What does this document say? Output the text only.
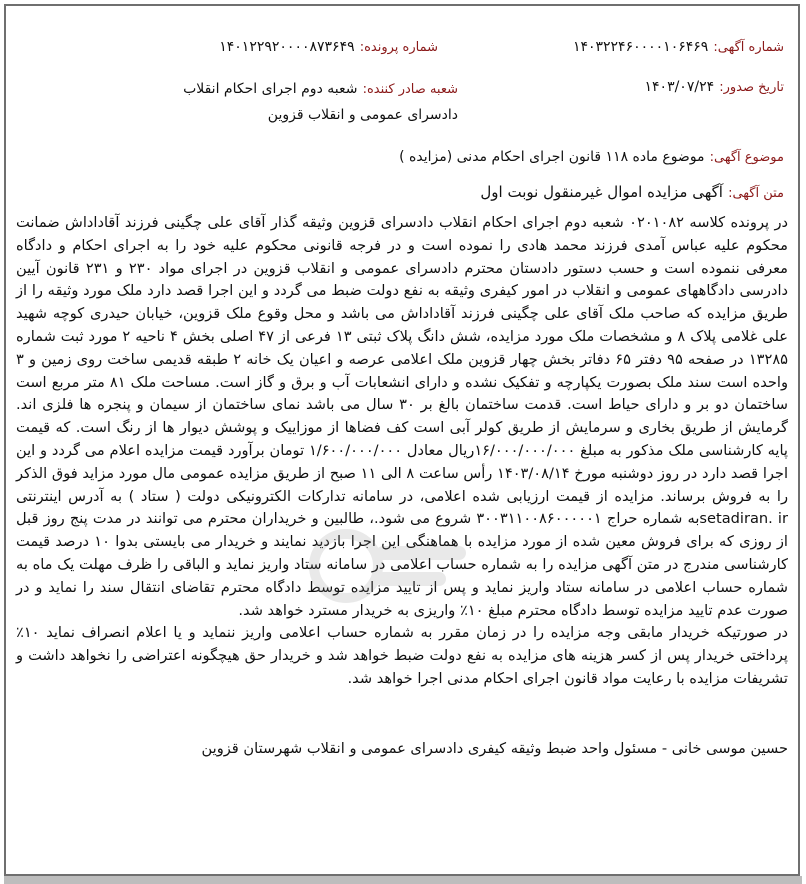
شماره آگهی: ۱۴۰۳۲۲۴۶۰۰۰۰۱۰۶۴۶۹
شماره پرونده: ۱۴۰۱۲۲۹۲۰۰۰۰۸۷۳۶۴۹
تاریخ صدور: ۱۴۰۳/۰۷/۲۴
شعبه صادر کننده: شعبه دوم اجرای احکام انقلاب دادسرای عمومی و انقلاب قزوین
موضوع آگهی: موضوع ماده ۱۱۸ قانون اجرای احکام مدنی (مزایده )
متن آگهی: آگهی مزایده اموال غیرمنقول نوبت اول

در پرونده کلاسه ۰۲۰۱۰۸۲ شعبه دوم اجرای احکام انقلاب دادسرای قزوین وثیقه گذار آقای علی چگینی فرزند آقاداداش ضمانت محکوم علیه عباس آمدی فرزند محمد هادی را نموده است و در فرجه قانونی محکوم علیه خود را به اجرای احکام و دادگاه معرفی ننموده است و حسب دستور دادستان محترم دادسرای عمومی و انقلاب قزوین در اجرای مواد ۲۳۰ و ۲۳۱ قانون آیین دادرسی دادگاههای عمومی و انقلاب در امور کیفری وثیقه به نفع دولت ضبط می گردد و این اجرا قصد دارد ملک مورد وثیقه را از طریق مزایده که صاحب ملک آقای علی چگینی فرزند آقاداداش می باشد و محل وقوع ملک قزوین، خیابان حیدری کوچه شهید علی غلامی پلاک ۸ و مشخصات ملک مورد مزایده، شش دانگ پلاک ثبتی ۱۳ فرعی از ۴۷ اصلی بخش ۴ ناحیه ۲ مورد ثبت شماره ۱۳۲۸۵ در صفحه ۹۵ دفتر ۶۵ دفاتر بخش چهار قزوین ملک اعلامی عرصه و اعیان یک خانه ۲ طبقه قدیمی ساخت روی زمین و ۳ واحده است سند ملک بصورت یکپارچه و تفکیک نشده و دارای انشعابات آب و برق و گاز است. مساحت ملک ۸۱ متر مربع است ساختمان دو بر و دارای حیاط است. قدمت ساختمان بالغ بر ۳۰ سال می باشد نمای ساختمان از سیمان و پنجره ها فلزی اند. گرمایش از طریق بخاری و سرمایش از طریق کولر آبی است کف فضاها از موزاییک و پوشش دیوار ها از رنگ است. که قیمت پایه کارشناسی ملک مذکور به مبلغ ۱۶/۰۰۰/۰۰۰/۰۰۰ریال معادل ۱/۶۰۰/۰۰۰/۰۰۰ تومان برآورد قیمت مزایده اعلام می گردد و این اجرا قصد دارد در روز دوشنبه مورخ ۱۴۰۳/۰۸/۱۴ رأس ساعت ۸ الی ۱۱ صبح از طریق مزایده عمومی مال مورد مزاید فوق الذکر را به فروش برساند. مزایده از قیمت ارزیابی شده اعلامی، در سامانه تدارکات الکترونیکی دولت ( ستاد ) به آدرس اینترنتی setadiran. irبه شماره حراج ۳۰۰۳۱۱۰۰۸۶۰۰۰۰۰۱ شروع می شود.، طالبین و خریداران محترم می توانند در مدت پنج روز قبل از روزی که برای فروش معین شده از مورد مزایده با هماهنگی این اجرا بازدید نمایند و خریدار می بایستی بدوا ۱۰ درصد قیمت کارشناسی مندرج در متن آگهی مزایده را به شماره حساب اعلامی در سامانه ستاد واریز نماید و الباقی را ظرف مهلت یک ماه به شماره حساب اعلامی در سامانه ستاد واریز نماید و پس از تایید مزایده توسط دادگاه محترم تقاضای انتقال سند را نماید و در صورت عدم تایید مزایده توسط دادگاه محترم مبلغ ۱۰٪ واریزی به خریدار مسترد خواهد شد.

در صورتیکه خریدار مابقی وجه مزایده را در زمان مقرر به شماره حساب اعلامی واریز ننماید و یا اعلام انصراف نماید ۱۰٪ پرداختی خریدار پس از کسر هزینه های مزایده به نفع دولت ضبط خواهد شد و خریدار حق هیچگونه اعتراضی را نخواهد داشت و تشریفات مزایده با رعایت مواد قانون اجرای احکام مدنی اجرا خواهد شد.

حسین موسی خانی - مسئول واحد ضبط وثیقه کیفری دادسرای عمومی و انقلاب شهرستان قزوین
